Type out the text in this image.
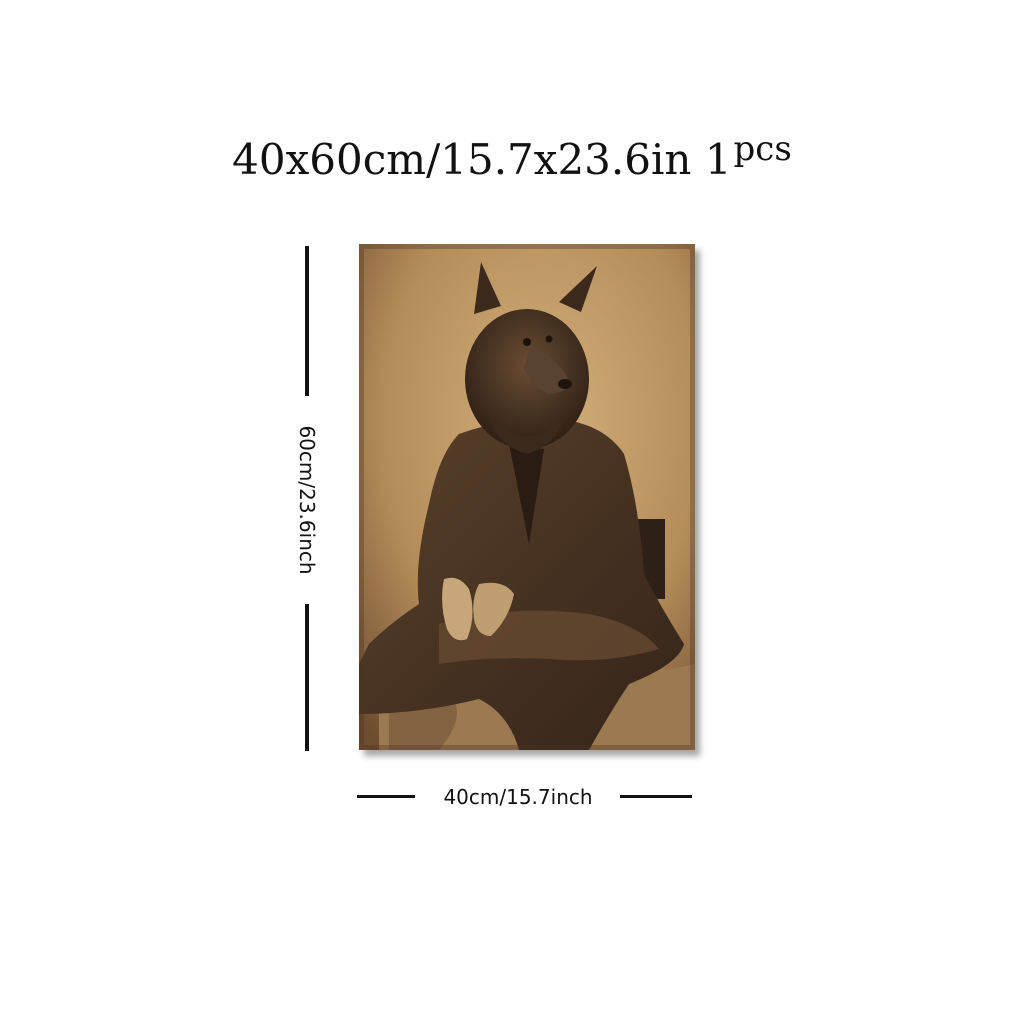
40x60cm/15.7x23.6in $1^{pcs}$
60cm/23.6inch
40cm/15.7inch
